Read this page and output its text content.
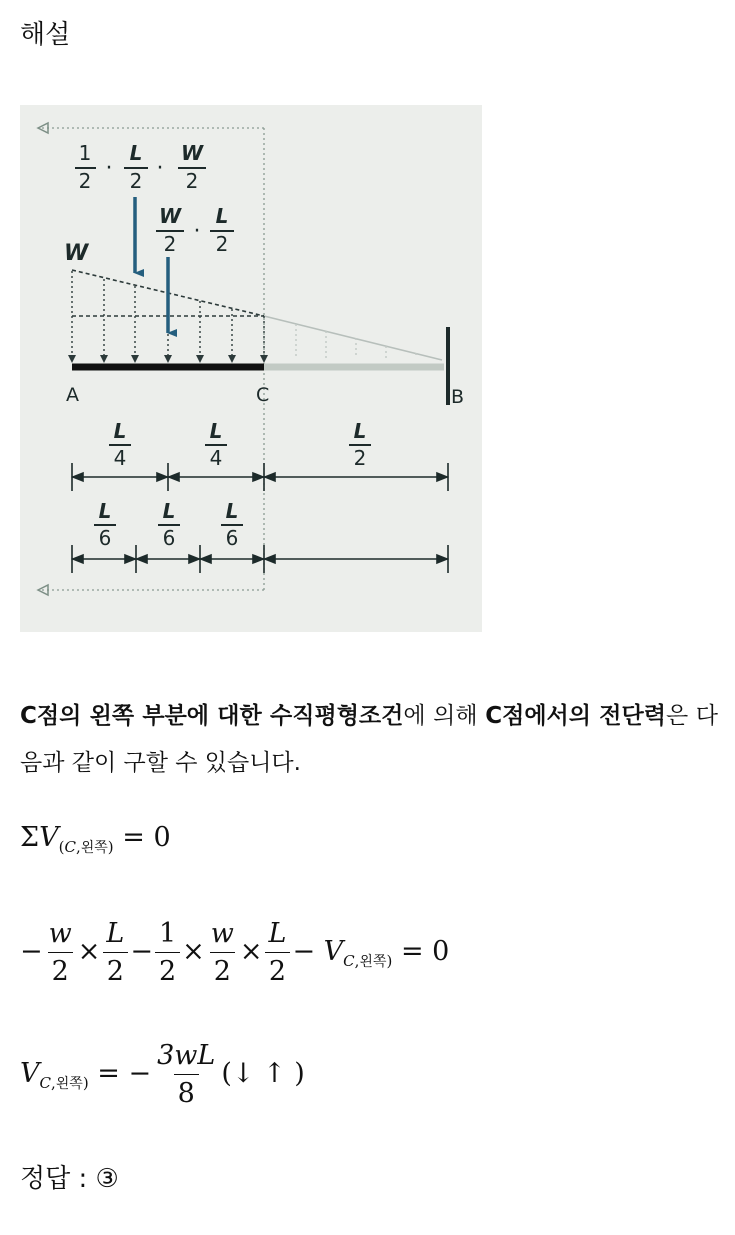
해설
1
2 ·
L
2 ·
W
2
W
2 ·
L
2
W
A	C	B
L
4
L
4
L
2
L
6
L
6
L
6
C점의 왼쪽 부분에 대한 수직평형조건에 의해 C점에서의 전단력은 다음과 같이 구할 수 있습니다.
$\Sigma V_{(C,왼쪽)} = 0$
− $\frac{w}{2} \times \frac{L}{2} - \frac{1}{2} \times \frac{w}{2} \times \frac{L}{2} - V_{C,왼쪽)} = 0$
$V_{C,왼쪽)}$ = − $\frac{3wL}{8}$ (↓ ↑ )
정답 : ③
